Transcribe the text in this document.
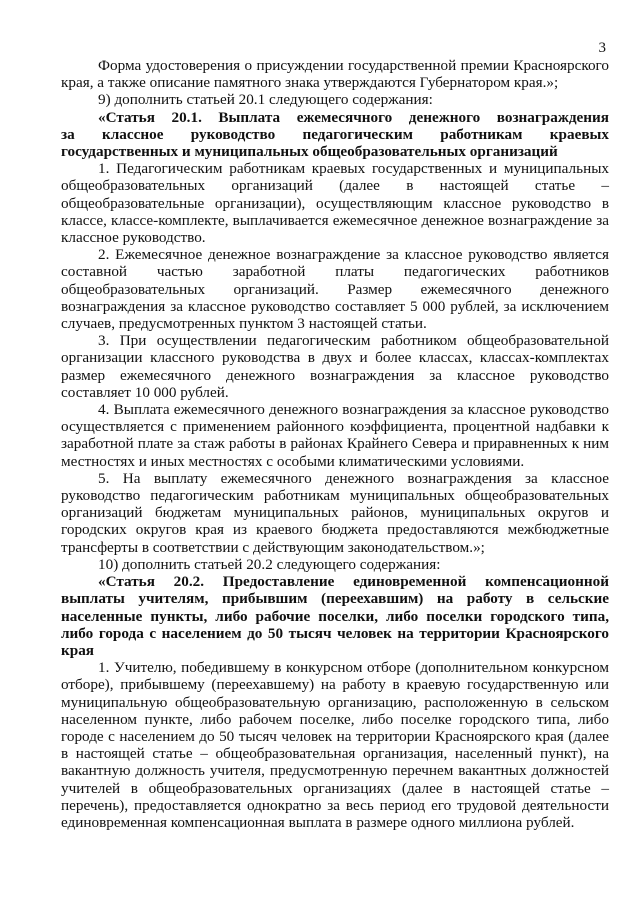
3
Форма удостоверения о присуждении государственной премии Красноярского края, а также описание памятного знака утверждаются Губернатором края.»;
9) дополнить статьей 20.1 следующего содержания:
«Статья 20.1. Выплата ежемесячного денежного вознаграждения
за классное руководство педагогическим работникам краевых
государственных и муниципальных общеобразовательных организаций
1. Педагогическим работникам краевых государственных и муниципальных общеобразовательных организаций (далее в настоящей статье – общеобразовательные организации), осуществляющим классное руководство в классе, классе-комплекте, выплачивается ежемесячное денежное вознаграждение за классное руководство.
2. Ежемесячное денежное вознаграждение за классное руководство является составной частью заработной платы педагогических работников общеобразовательных организаций. Размер ежемесячного денежного вознаграждения за классное руководство составляет 5 000 рублей, за исключением случаев, предусмотренных пунктом 3 настоящей статьи.
3. При осуществлении педагогическим работником общеобразовательной организации классного руководства в двух и более классах, классах-комплектах размер ежемесячного денежного вознаграждения за классное руководство составляет 10 000 рублей.
4. Выплата ежемесячного денежного вознаграждения за классное руководство осуществляется с применением районного коэффициента, процентной надбавки к заработной плате за стаж работы в районах Крайнего Севера и приравненных к ним местностях и иных местностях с особыми климатическими условиями.
5. На выплату ежемесячного денежного вознаграждения за классное руководство педагогическим работникам муниципальных общеобразовательных организаций бюджетам муниципальных районов, муниципальных округов и городских округов края из краевого бюджета предоставляются межбюджетные трансферты в соответствии с действующим законодательством.»;
10) дополнить статьей 20.2 следующего содержания:
«Статья 20.2. Предоставление единовременной компенсационной
выплаты учителям, прибывшим (переехавшим) на работу в сельские
населенные пункты, либо рабочие поселки, либо поселки городского типа,
либо города с населением до 50 тысяч человек на территории Красноярского
края
1. Учителю, победившему в конкурсном отборе (дополнительном конкурсном отборе), прибывшему (переехавшему) на работу в краевую государственную или муниципальную общеобразовательную организацию, расположенную в сельском населенном пункте, либо рабочем поселке, либо поселке городского типа, либо городе с населением до 50 тысяч человек на территории Красноярского края (далее в настоящей статье – общеобразовательная организация, населенный пункт), на вакантную должность учителя, предусмотренную перечнем вакантных должностей учителей в общеобразовательных организациях (далее в настоящей статье – перечень), предоставляется однократно за весь период его трудовой деятельности единовременная компенсационная выплата в размере одного миллиона рублей.
